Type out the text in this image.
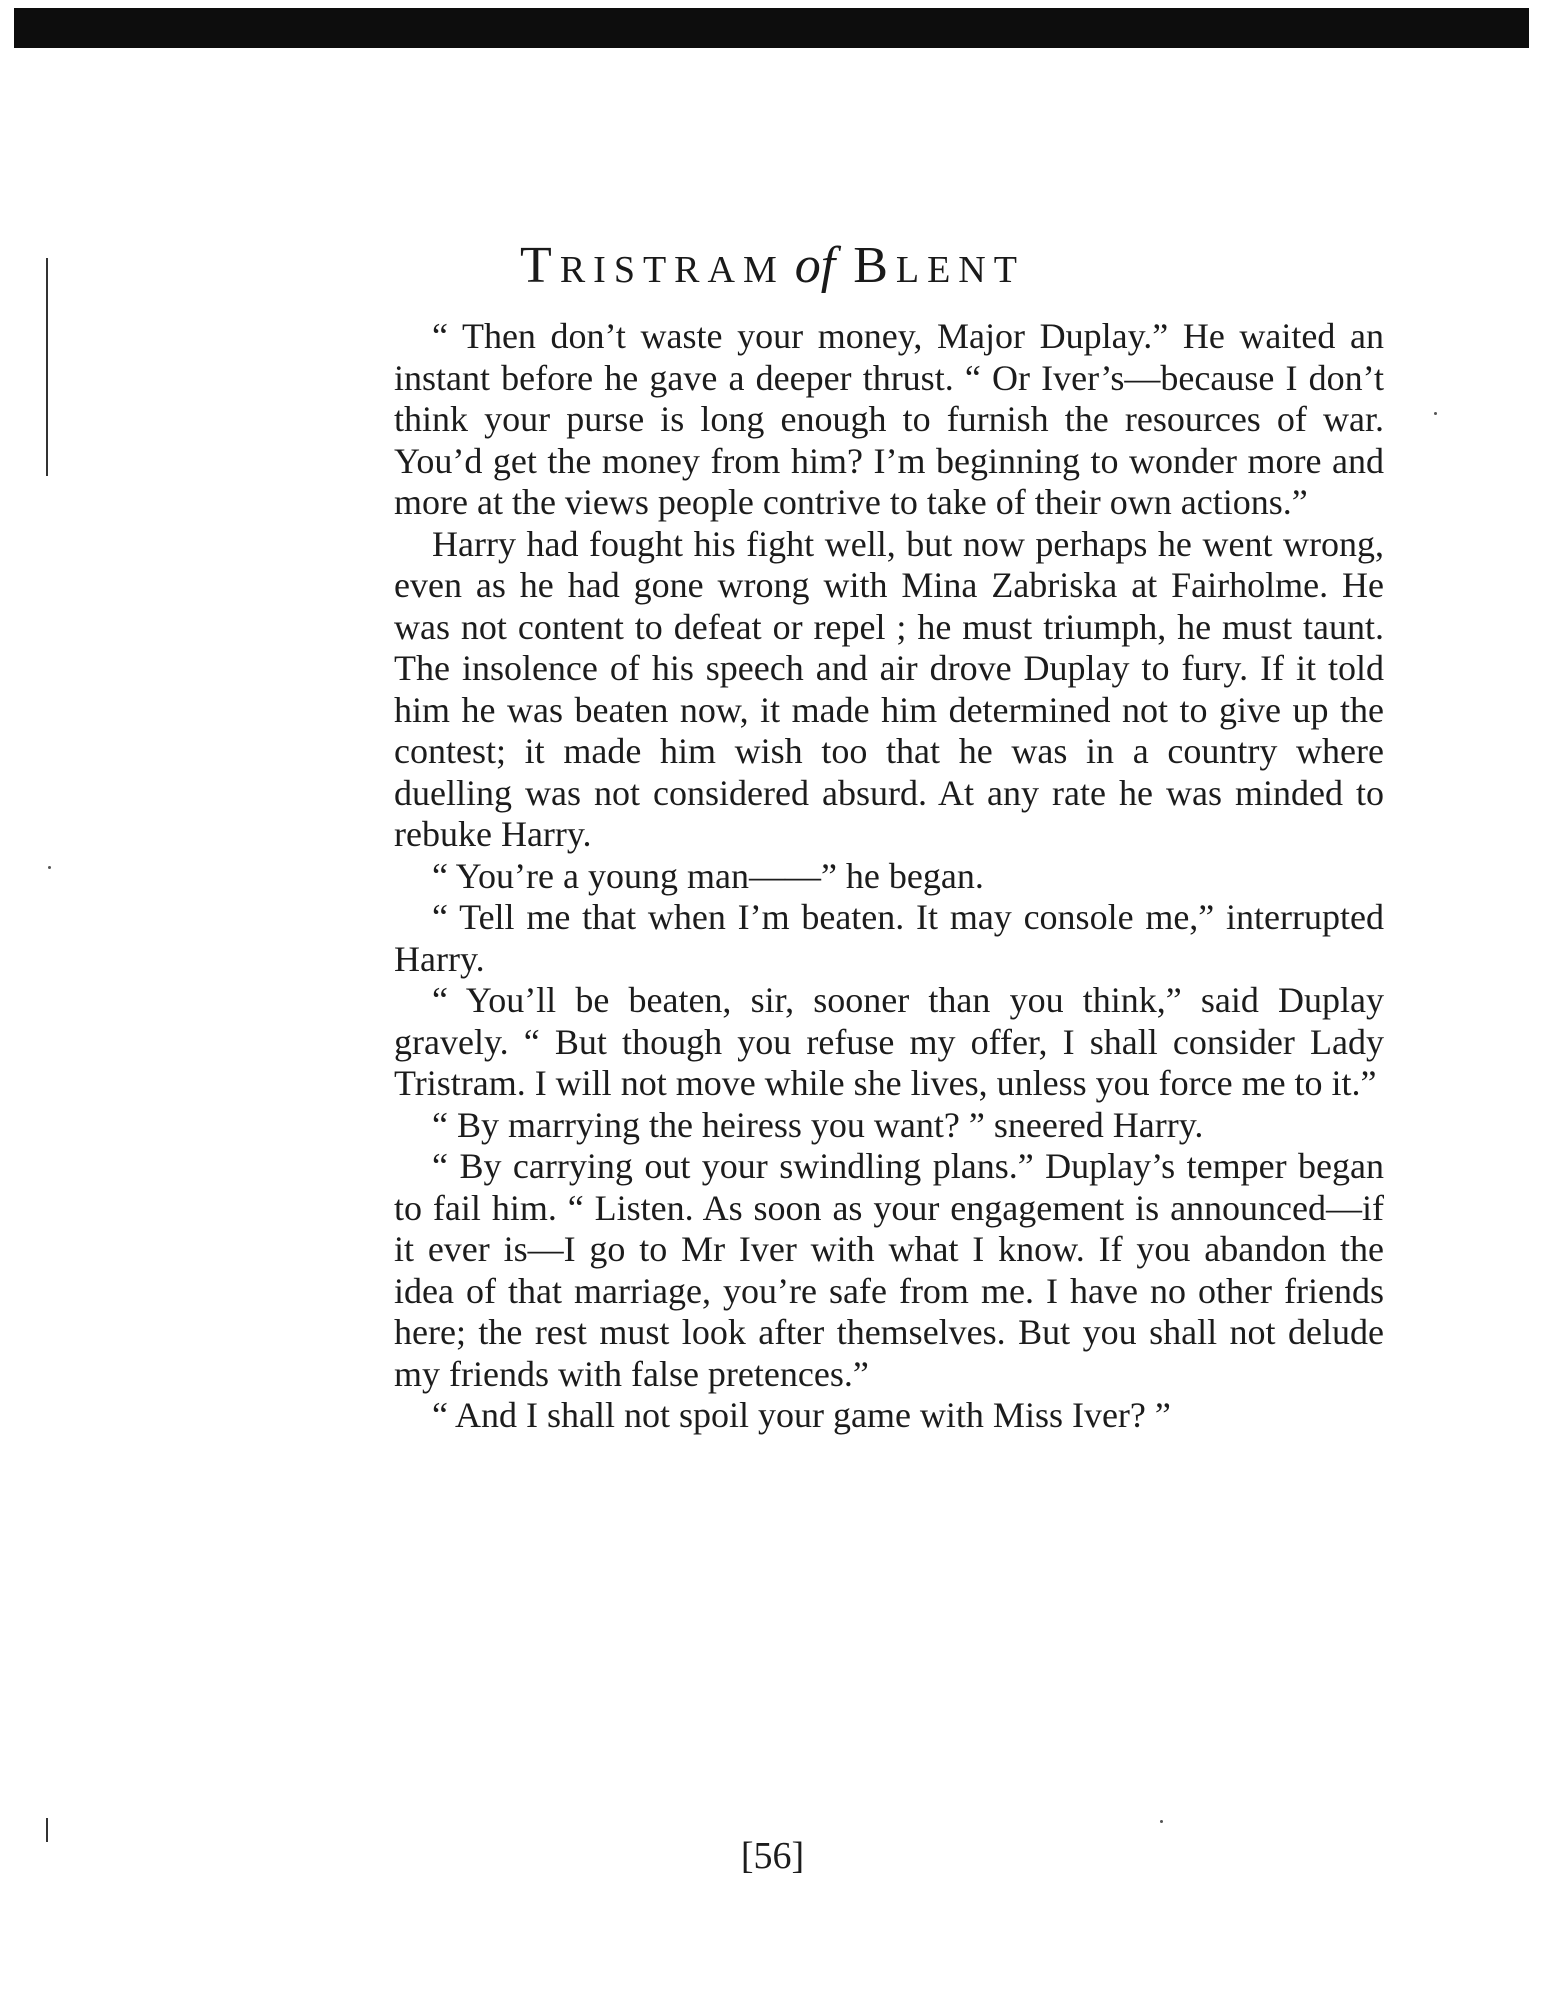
TRISTRAM of BLENT

“ Then don’t waste your money, Major Duplay.” He waited an instant before he gave a deeper thrust. “ Or Iver’s—because I don’t think your purse is long enough to furnish the resources of war. You’d get the money from him? I’m beginning to wonder more and more at the views people contrive to take of their own actions.”

Harry had fought his fight well, but now perhaps he went wrong, even as he had gone wrong with Mina Zabriska at Fairholme. He was not content to defeat or repel ; he must triumph, he must taunt. The insolence of his speech and air drove Duplay to fury. If it told him he was beaten now, it made him determined not to give up the contest; it made him wish too that he was in a country where duelling was not considered absurd. At any rate he was minded to rebuke Harry.

“ You’re a young man——” he began.

“ Tell me that when I’m beaten. It may console me,” interrupted Harry.

“ You’ll be beaten, sir, sooner than you think,” said Duplay gravely. “ But though you refuse my offer, I shall consider Lady Tristram. I will not move while she lives, unless you force me to it.”

“ By marrying the heiress you want? ” sneered Harry.

“ By carrying out your swindling plans.” Duplay’s temper began to fail him. “ Listen. As soon as your engagement is announced—if it ever is—I go to Mr Iver with what I know. If you abandon the idea of that marriage, you’re safe from me. I have no other friends here; the rest must look after themselves. But you shall not delude my friends with false pretences.”

“ And I shall not spoil your game with Miss Iver? ”

[56]
